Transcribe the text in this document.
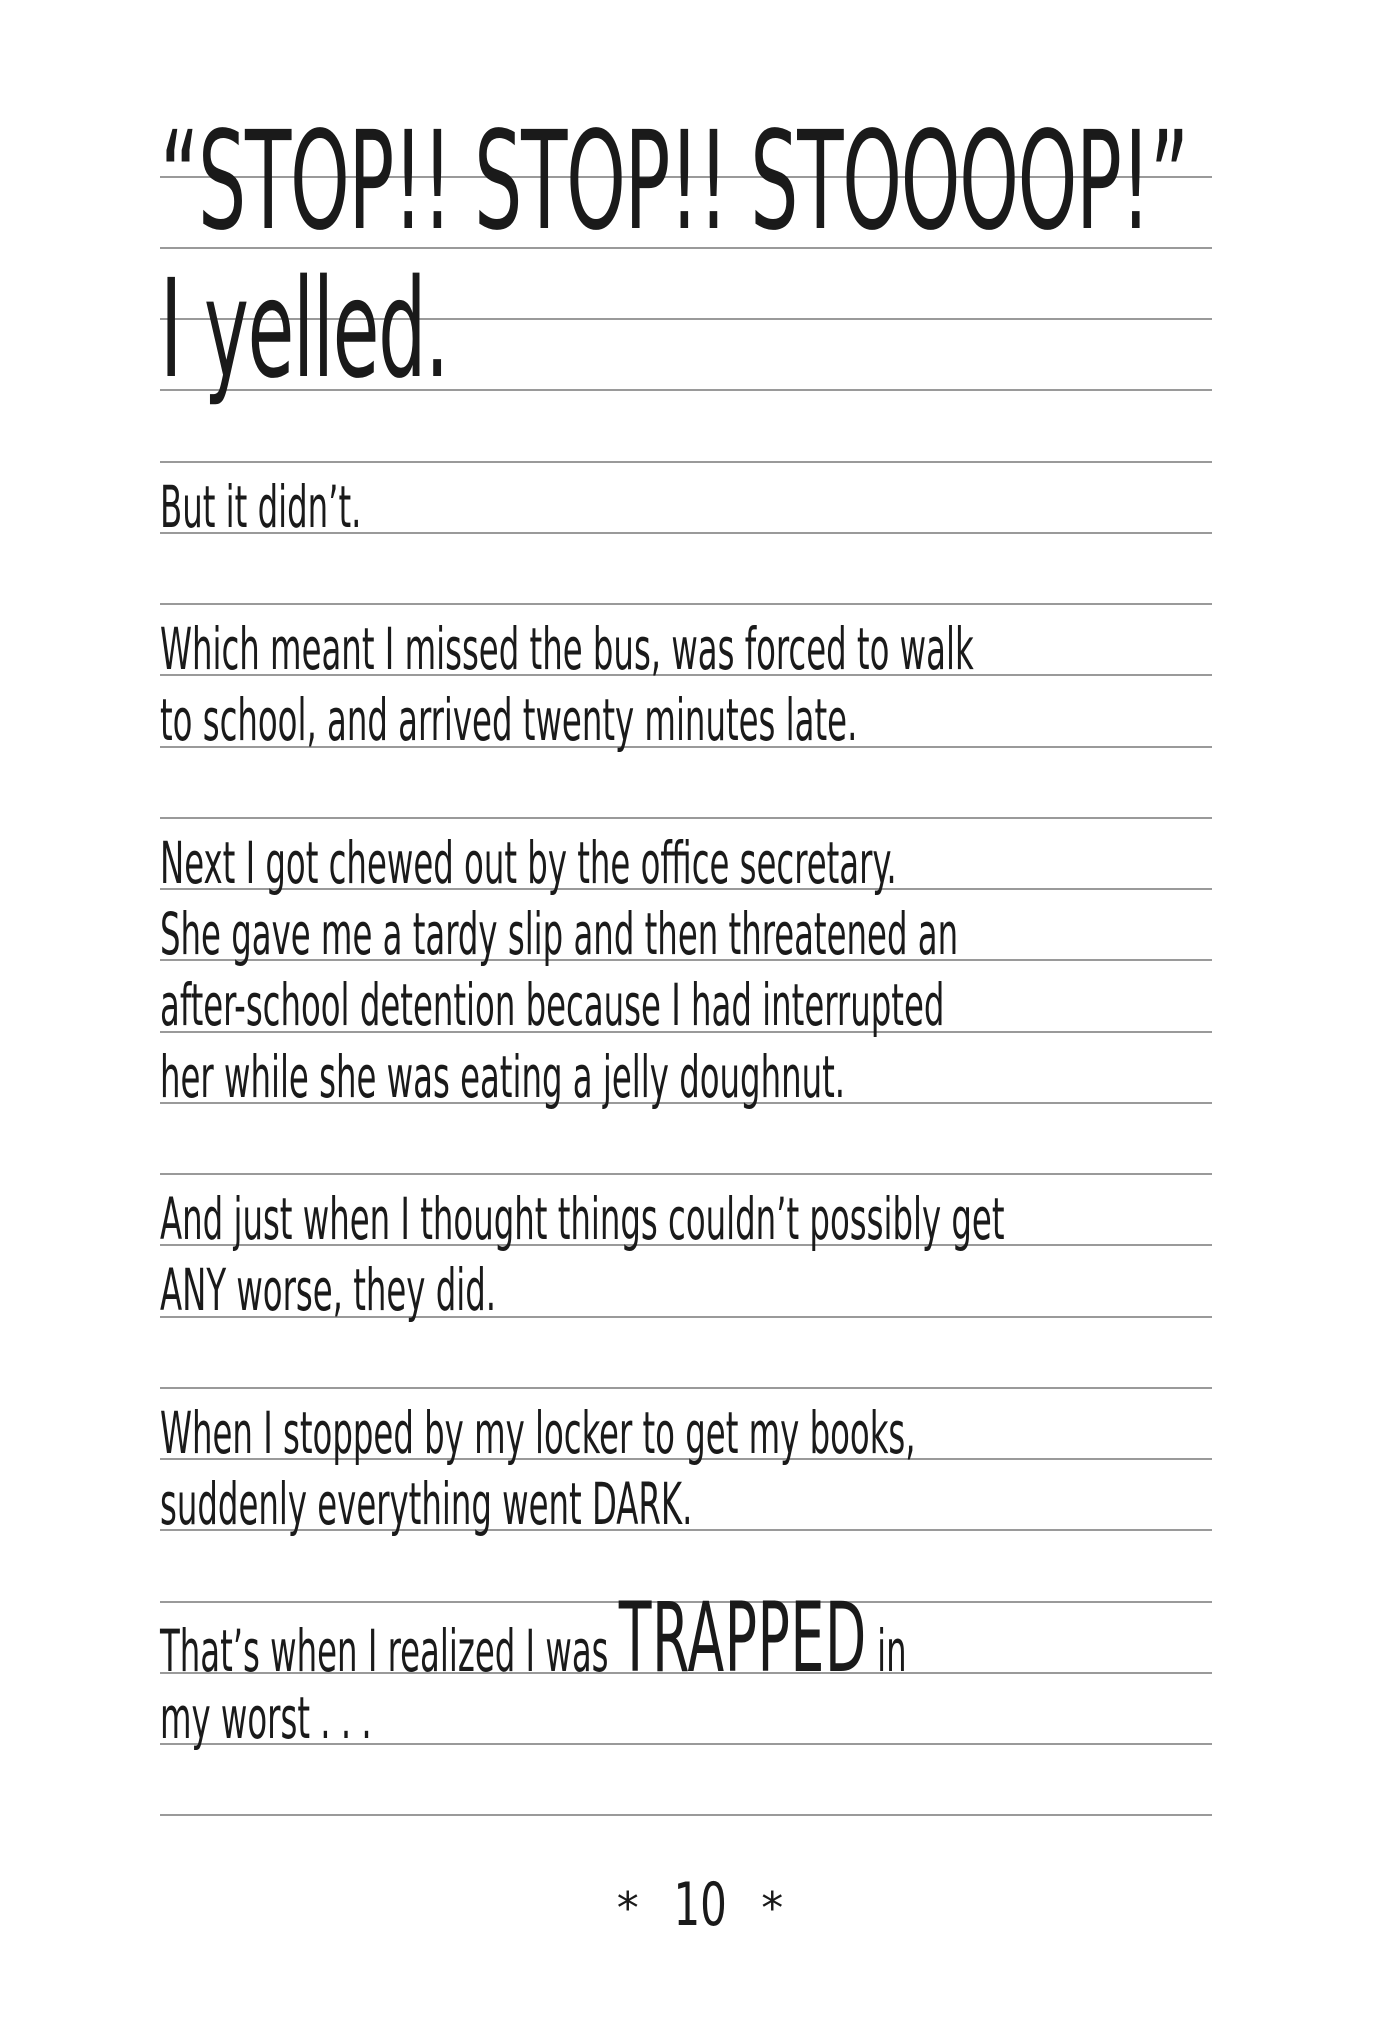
“STOP!! STOP!! STOOOOP!”

I yelled.

But it didn’t.

Which meant I missed the bus, was forced to walk

to school, and arrived twenty minutes late.

Next I got chewed out by the office secretary.

She gave me a tardy slip and then threatened an

after-school detention because I had interrupted

her while she was eating a jelly doughnut.

And just when I thought things couldn’t possibly get

ANY worse, they did.

When I stopped by my locker to get my books,

suddenly everything went DARK.

That’s when I realized I was TRAPPED in

my worst . . .

* 10 *
